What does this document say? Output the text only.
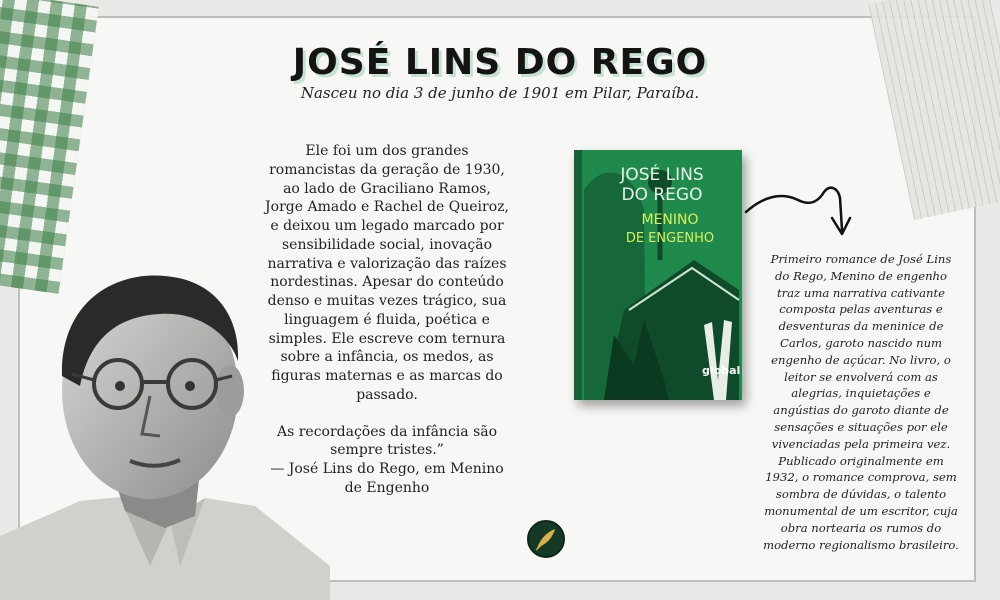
JOSÉ LINS DO REGO
Nasceu no dia 3 de junho de 1901 em Pilar, Paraíba.

Ele foi um dos grandes romancistas da geração de 1930, ao lado de Graciliano Ramos, Jorge Amado e Rachel de Queiroz, e deixou um legado marcado por sensibilidade social, inovação narrativa e valorização das raízes nordestinas. Apesar do conteúdo denso e muitas vezes trágico, sua linguagem é fluida, poética e simples. Ele escreve com ternura sobre a infância, os medos, as figuras maternas e as marcas do passado.

As recordações da infância são sempre tristes.”

— José Lins do Rego, em Menino de Engenho

JOSÉ LINS
DO REGO
MENINO
DE ENGENHO
global
Primeiro romance de José Lins do Rego, Menino de engenho traz uma narrativa cativante composta pelas aventuras e desventuras da meninice de Carlos, garoto nascido num engenho de açúcar. No livro, o leitor se envolverá com as alegrias, inquietações e angústias do garoto diante de sensações e situações por ele vivenciadas pela primeira vez. Publicado originalmente em 1932, o romance comprova, sem sombra de dúvidas, o talento monumental de um escritor, cuja obra nortearia os rumos do moderno regionalismo brasileiro.
